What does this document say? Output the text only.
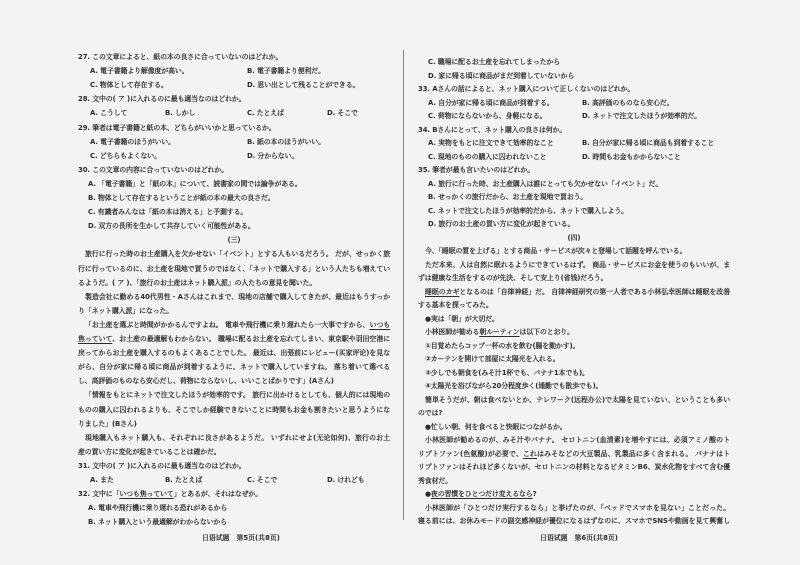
27. この文章によると、紙の本の良さに合っていないのはどれか。
A. 電子書籍より解像度が高い。	B. 電子書籍より便利だ。
C. 物体として存在する。	D. 思い出として残ることができる。
28. 文中の( ア )に入れるのに最も適当なのはどれか。
A. こうして	B. しかし	C. たとえば	D. そこで
29. 筆者は電子書籍と紙の本、どちらがいいかと思っているか。
A. 電子書籍のほうがいい。	B. 紙の本のほうがいい。
C. どちらもよくない。	D. 分からない。
30. この文章の内容に合っていないのはどれか。
A. 「電子書籍」と「紙の本」について、読書家の間では論争がある。
B. 物体として存在するということが紙の本の最大の良さだ。
C. 有識者みんなは「紙の本は消える」と予測する。
D. 双方の長所を生かして共存していく可能性がある。
(三)
旅行に行った時のお土産購入を欠かせない「イベント」とする人もいるだろう。 だが、せっかく旅
行に行っているのに、お土産を現地で買うのではなく、「ネットで購入する」という人たちも増えてい
るようだ。( ア )、「旅行のお土産はネット購入派」の人たちの意見を聞いた。
製造会社に勤める40代男性・Aさんはこれまで、現地の店舗で購入してきたが、最近はもうすっか
り「ネット購入派」になった。
「お土産を選ぶと時間がかかるんですよね。 電車や飛行機に乗り遅れたら一大事ですから、いつも
焦っていて、お土産の最適解もわからない。 職場に配るお土産を忘れてしまい、東京駅や羽田空港に
戻ってからお土産を購入するのもよくあることでした。 最近は、出張前にレビュー(买家评论)を見な
がら、自分が家に帰る頃に商品が到着するように、ネットで購入していますね。 落ち着いて選べる
し、高評価のものなら安心だし、荷物にならないし、いいことばかりです」(Aさん)
「情報をもとにネットで注文したほうが効率的です。 旅行に出かけるとしても、個人的には現地の
ものの購入に囚われるよりも、そこでしか経験できないことに時間もお金も割きたいと思うようにな
りました」(Bさん)
現地購入もネット購入も、それぞれに良さがあるようだ。 いずれにせよ(无论如何)、旅行のお土
産の買い方に変化が起きていることは確かだ。
31. 文中の( ア )に入れるのに最も適当なのはどれか。
A. また	B. たとえば	C. そこで	D. けれども
32. 文中に「いつも焦っていて」とあるが、それはなぜか。
A. 電車や飛行機に乗り遅れる恐れがあるから
B. ネット購入という最適解がわからないから
C. 職場に配るお土産を忘れてしまったから
D. 家に帰る頃に商品がまだ到着していないから
33. Aさんの話によると、ネット購入について正しくないのはどれか。
A. 自分が家に帰る頃に商品が到着する。	B. 高評価のものなら安心だ。
C. 荷物にならないから、身軽になる。	D. ネットで注文したほうが効率的だ。
34. Bさんにとって、ネット購入の良さは何か。
A. 実物をもとに注文できて効率的なこと	B. 自分が家に帰る頃に商品も到着すること
C. 現地のものの購入に囚われないこと	D. 時間もお金もかからないこと
35. 筆者が最も言いたいのはどれか。
A. 旅行に行った時、お土産購入は誰にとっても欠かせない「イベント」だ。
B. せっかくの旅行だから、お土産を現地で買おう。
C. ネットで注文したほうが効率的だから、ネットで購入しよう。
D. 旅行のお土産の買い方に変化が起きている。
(四)
今、「睡眠の質を上げる」とする商品・サービスが次々と登場して話題を呼んでいる。
ただ本来、人は自然に眠れるようにできているはず。 商品・サービスにお金を使うのもいいが、ま
ずは健康な生活をするのが先決、そして安上り(省钱)だろう。
睡眠のカギとなるのは「自律神経」だ。 自律神経研究の第一人者である小林弘幸医師は睡眠を改善
する基本を探ってみた。
●実は「朝」が大切だ。
小林医師が勧める朝ルーティンは以下のとおり。
①目覚めたらコップ一杯の水を飲む(腸を動かす)。
②カーテンを開けて部屋に太陽光を入れる。
③少しでも朝食を(みそ汁1杯でも、バナナ1本でも)。
④太陽光を浴びながら20分程度歩く(通勤でも散歩でも)。
簡単そうだが、朝は食べないとか、テレワーク(远程办公)で太陽を見ていない、ということも多い
のでは?
●忙しい朝、何を食べると快眠につながるか。
小林医師が勧めるのが、みそ汁やバナナ。 セロトニン(血清素)を増やすには、必須アミノ酸のト
リプトファン(色氨酸)が必要で、これはみそなどの大豆製品、乳製品に多く含まれる。 バナナはト
リプトファンはそれほど多くないが、セロトニンの材料となるビタミンB6、炭水化物をすべて含む優
秀食材だ。
●夜の習慣をひとつだけ変えるなら?
小林医師が「ひとつだけ実行するなら」と挙げたのが、「ベッドでスマホを見ない」ことだった。
寝る前には、お休みモードの副交感神経が優位になるはずなのに、スマホでSNSや動画を見て興奮し
日语试题　第5页(共8页)	日语试题　第6页(共8页)
